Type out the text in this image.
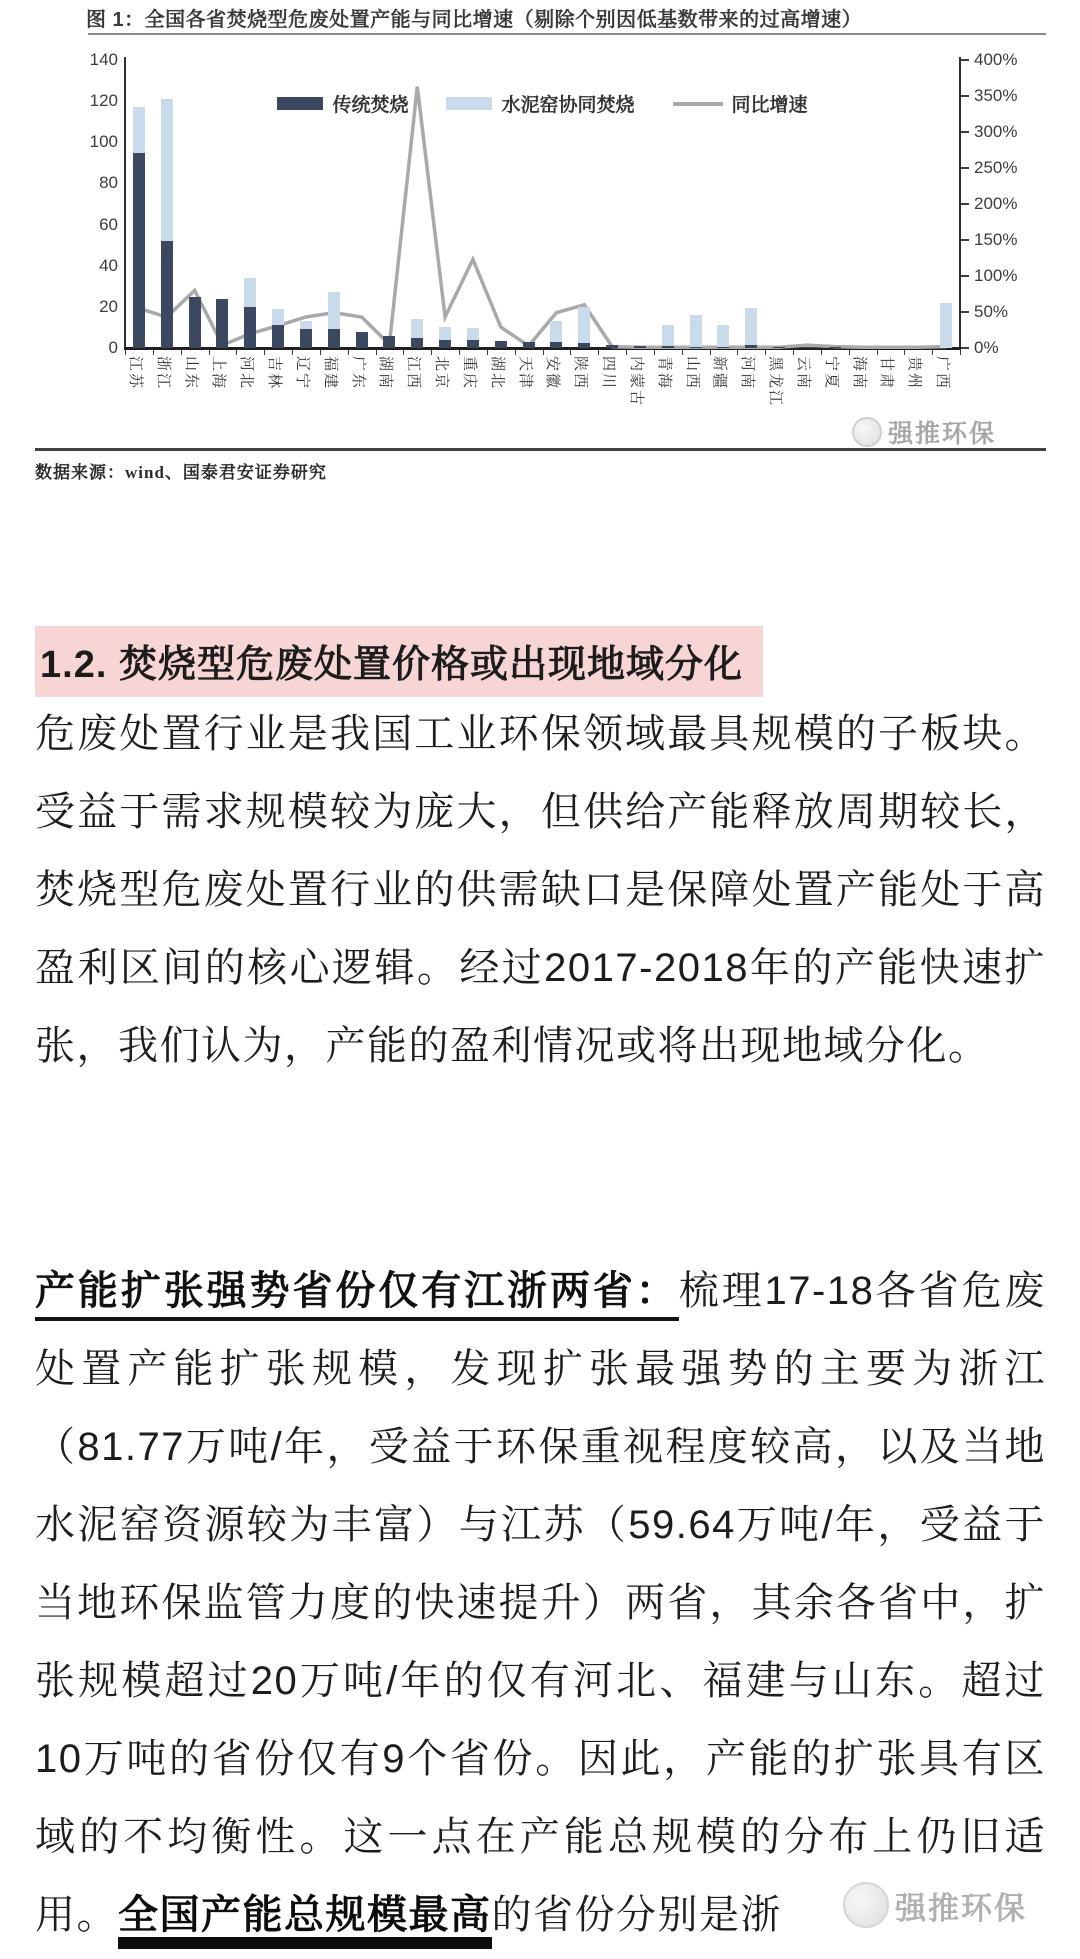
图 1：全国各省焚烧型危废处置产能与同比增速（剔除个别因低基数带来的过高增速）
传统焚烧	水泥窑协同焚烧	同比增速
0
20
40
60
80
100
120
140
0%
50%
100%
150%
200%
250%
300%
350%
400%
江苏 浙江 山东 上海 河北 吉林 辽宁 福建 广东 湖南 江西 北京 重庆 湖北 天津 安徽 陕西 四川 内蒙古 青海 山西 新疆 河南 黑龙江 云南 宁夏 海南 甘肃 贵州 广西
强推环保
数据来源：wind、国泰君安证券研究
1.2. 焚烧型危废处置价格或出现地域分化

危废处置行业是我国工业环保领域最具规模的子板块。受益于需求规模较为庞大，但供给产能释放周期较长，焚烧型危废处置行业的供需缺口是保障处置产能处于高盈利区间的核心逻辑。经过2017-2018年的产能快速扩张，我们认为，产能的盈利情况或将出现地域分化。

产能扩张强势省份仅有江浙两省：梳理17-18各省危废处置产能扩张规模，发现扩张最强势的主要为浙江（81.77万吨/年，受益于环保重视程度较高，以及当地水泥窑资源较为丰富）与江苏（59.64万吨/年，受益于当地环保监管力度的快速提升）两省，其余各省中，扩张规模超过20万吨/年的仅有河北、福建与山东。超过10万吨的省份仅有9个省份。因此，产能的扩张具有区域的不均衡性。这一点在产能总规模的分布上仍旧适用。全国产能总规模最高的省份分别是浙	强推环保
